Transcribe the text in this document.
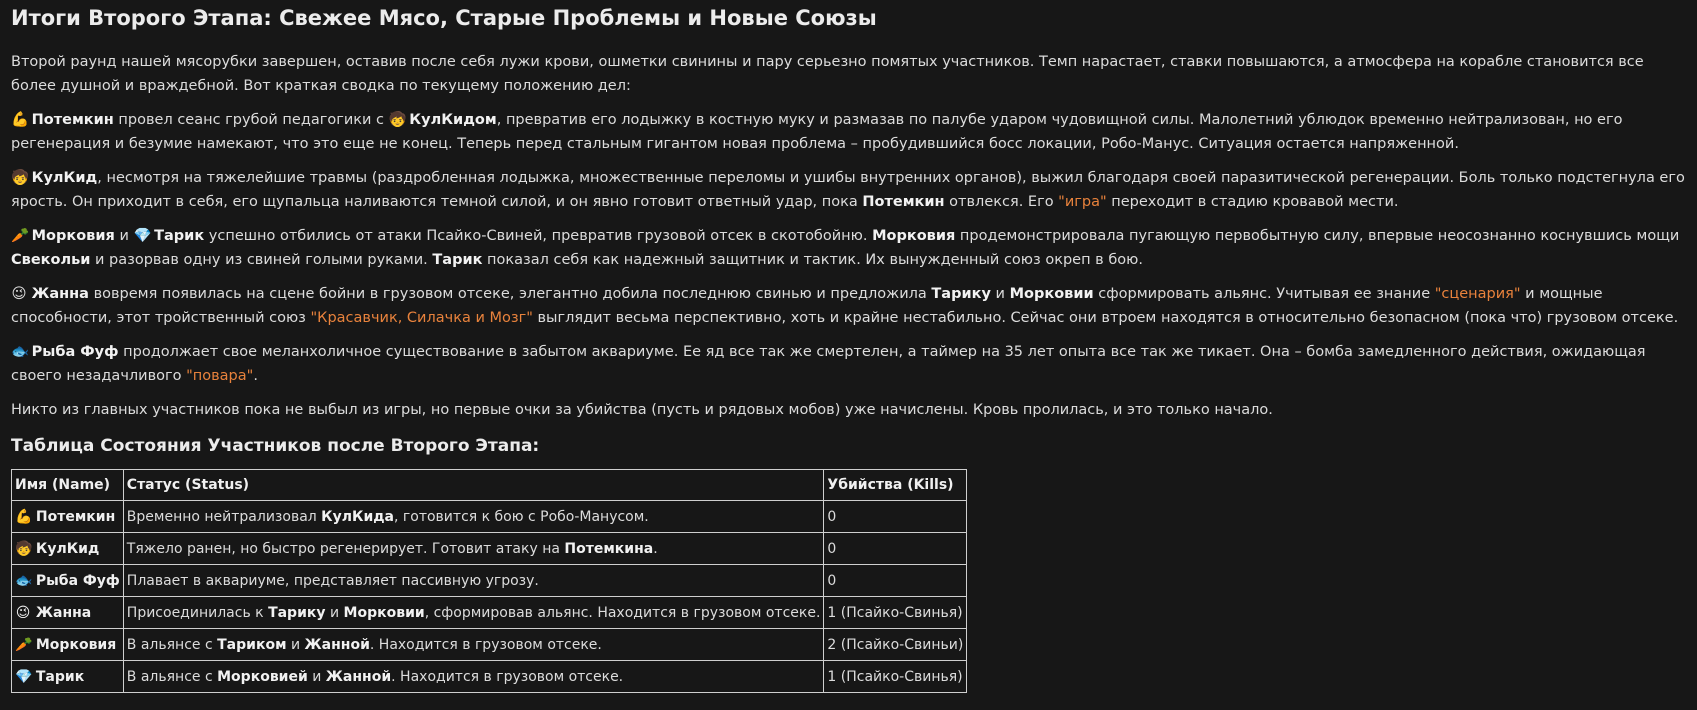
Итоги Второго Этапа: Свежее Мясо, Старые Проблемы и Новые Союзы

Второй раунд нашей мясорубки завершен, оставив после себя лужи крови, ошметки свинины и пару серьезно помятых участников. Темп нарастает, ставки повышаются, а атмосфера на корабле становится все более душной и враждебной. Вот краткая сводка по текущему положению дел:

💪 Потемкин провел сеанс грубой педагогики с 🧒 КулКидом, превратив его лодыжку в костную муку и размазав по палубе ударом чудовищной силы. Малолетний ублюдок временно нейтрализован, но его регенерация и безумие намекают, что это еще не конец. Теперь перед стальным гигантом новая проблема – пробудившийся босс локации, Робо-Манус. Ситуация остается напряженной.

🧒 КулКид, несмотря на тяжелейшие травмы (раздробленная лодыжка, множественные переломы и ушибы внутренних органов), выжил благодаря своей паразитической регенерации. Боль только подстегнула его ярость. Он приходит в себя, его щупальца наливаются темной силой, и он явно готовит ответный удар, пока Потемкин отвлекся. Его "игра" переходит в стадию кровавой мести.

🥕 Морковия и 💎 Тарик успешно отбились от атаки Псайко-Свиней, превратив грузовой отсек в скотобойню. Морковия продемонстрировала пугающую первобытную силу, впервые неосознанно коснувшись мощи Свекольи и разорвав одну из свиней голыми руками. Тарик показал себя как надежный защитник и тактик. Их вынужденный союз окреп в бою.

😉 Жанна вовремя появилась на сцене бойни в грузовом отсеке, элегантно добила последнюю свинью и предложила Тарику и Морковии сформировать альянс. Учитывая ее знание "сценария" и мощные способности, этот тройственный союз "Красавчик, Силачка и Мозг" выглядит весьма перспективно, хоть и крайне нестабильно. Сейчас они втроем находятся в относительно безопасном (пока что) грузовом отсеке.

🐟 Рыба Фуф продолжает свое меланхоличное существование в забытом аквариуме. Ее яд все так же смертелен, а таймер на 35 лет опыта все так же тикает. Она – бомба замедленного действия, ожидающая своего незадачливого "повара".

Никто из главных участников пока не выбыл из игры, но первые очки за убийства (пусть и рядовых мобов) уже начислены. Кровь пролилась, и это только начало.

Таблица Состояния Участников после Второго Этапа:
Имя (Name)	Статус (Status)	Убийства (Kills)
💪 Потемкин	Временно нейтрализовал КулКида, готовится к бою с Робо-Манусом.	0
🧒 КулКид	Тяжело ранен, но быстро регенерирует. Готовит атаку на Потемкина.	0
🐟 Рыба Фуф	Плавает в аквариуме, представляет пассивную угрозу.	0
😉 Жанна	Присоединилась к Тарику и Морковии, сформировав альянс. Находится в грузовом отсеке.	1 (Псайко-Свинья)
🥕 Морковия	В альянсе с Тариком и Жанной. Находится в грузовом отсеке.	2 (Псайко-Свиньи)
💎 Тарик	В альянсе с Морковией и Жанной. Находится в грузовом отсеке.	1 (Псайко-Свинья)
